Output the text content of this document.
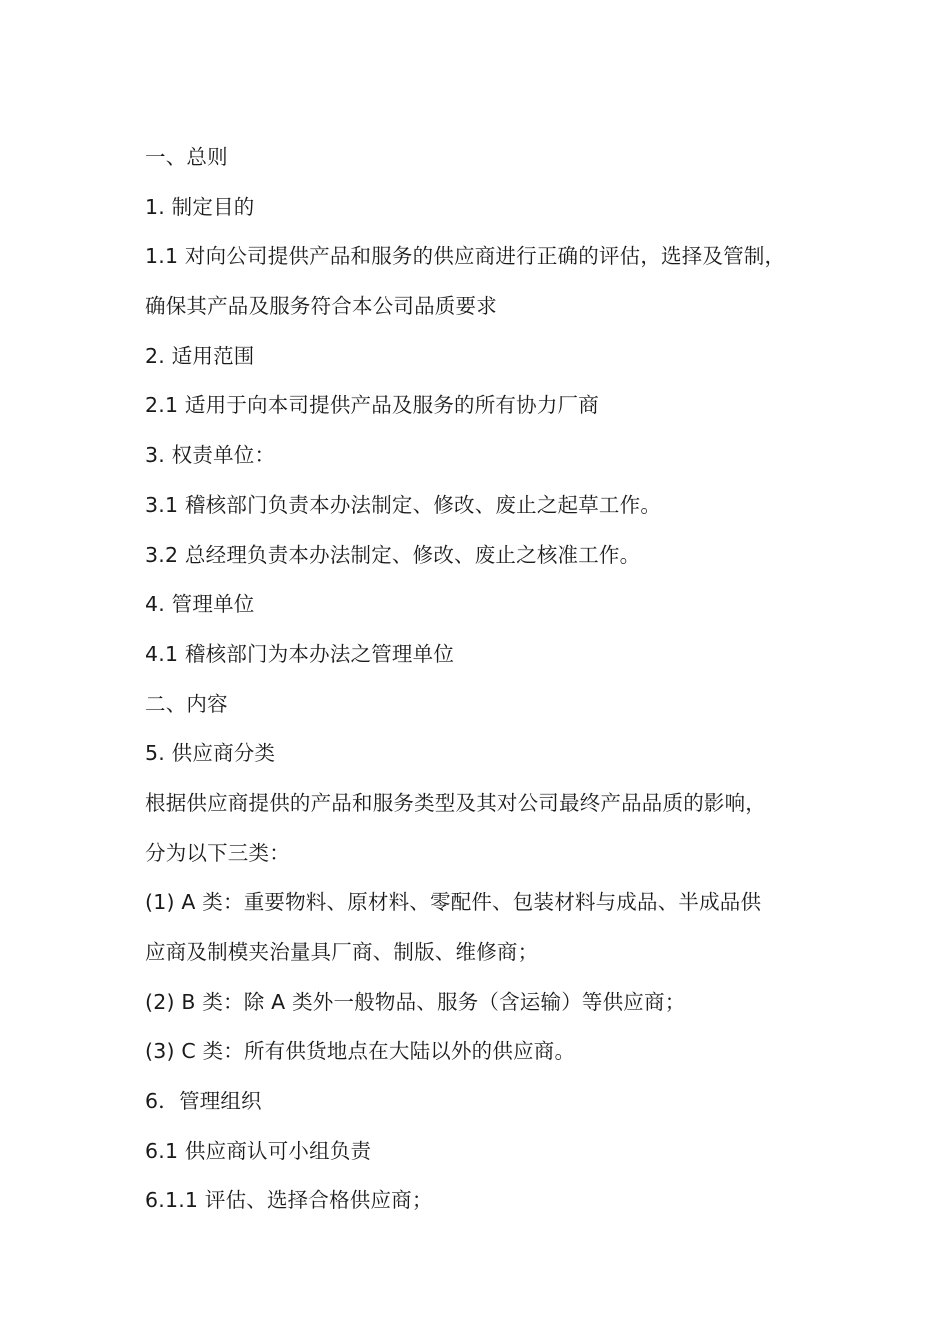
一、总则
1. 制定目的
1.1 对向公司提供产品和服务的供应商进行正确的评估，选择及管制，
确保其产品及服务符合本公司品质要求
2. 适用范围
2.1 适用于向本司提供产品及服务的所有协力厂商
3. 权责单位：
3.1 稽核部门负责本办法制定、修改、废止之起草工作。
3.2 总经理负责本办法制定、修改、废止之核准工作。
4. 管理单位
4.1 稽核部门为本办法之管理单位
二、内容
5. 供应商分类
根据供应商提供的产品和服务类型及其对公司最终产品品质的影响，
分为以下三类：
(1) A 类：重要物料、原材料、零配件、包装材料与成品、半成品供
应商及制模夹治量具厂商、制版、维修商；
(2) B 类：除 A 类外一般物品、服务（含运输）等供应商；
(3) C 类：所有供货地点在大陆以外的供应商。
6．管理组织
6.1 供应商认可小组负责
6.1.1 评估、选择合格供应商；
